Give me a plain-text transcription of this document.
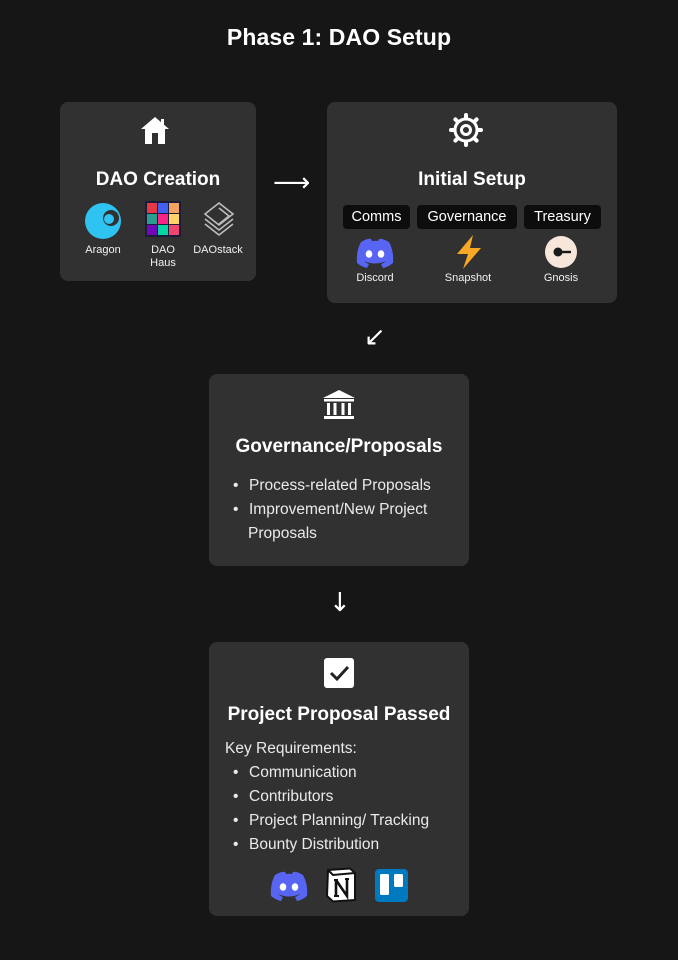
Phase 1: DAO Setup
DAO Creation
Aragon	DAO
Haus
DAOstack
⟶	Initial Setup
Comms	Governance	Treasury
Discord	Snapshot	Gnosis
↙
Governance/Proposals
• Process-related Proposals
• Improvement/New Project
Proposals
↓
Project Proposal Passed
Key Requirements:
• Communication
• Contributors
• Project Planning/ Tracking
• Bounty Distribution
